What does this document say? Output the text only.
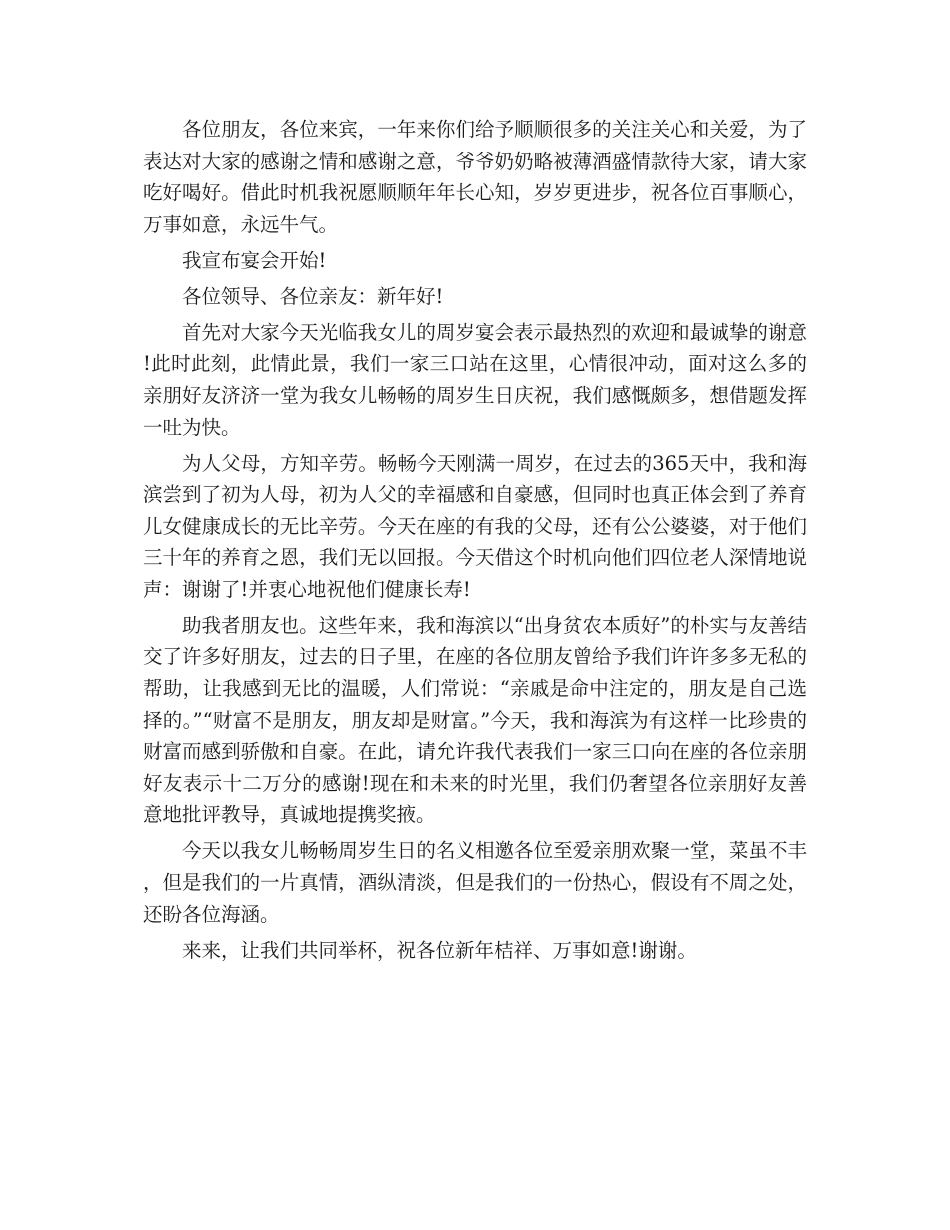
各位朋友，各位来宾，一年来你们给予顺顺很多的关注关心和关爱，为了表达对大家的感谢之情和感谢之意，爷爷奶奶略被薄酒盛情款待大家，请大家吃好喝好。借此时机我祝愿顺顺年年长心知，岁岁更进步，祝各位百事顺心，万事如意，永远牛气。

我宣布宴会开始!

各位领导、各位亲友：新年好!

首先对大家今天光临我女儿的周岁宴会表示最热烈的欢迎和最诚挚的谢意!此时此刻，此情此景，我们一家三口站在这里，心情很冲动，面对这么多的亲朋好友济济一堂为我女儿畅畅的周岁生日庆祝，我们感慨颇多，想借题发挥一吐为快。

为人父母，方知辛劳。畅畅今天刚满一周岁，在过去的365天中，我和海滨尝到了初为人母，初为人父的幸福感和自豪感，但同时也真正体会到了养育儿女健康成长的无比辛劳。今天在座的有我的父母，还有公公婆婆，对于他们三十年的养育之恩，我们无以回报。今天借这个时机向他们四位老人深情地说声：谢谢了!并衷心地祝他们健康长寿!

助我者朋友也。这些年来，我和海滨以“出身贫农本质好”的朴实与友善结交了许多好朋友，过去的日子里，在座的各位朋友曾给予我们许许多多无私的帮助，让我感到无比的温暖，人们常说：“亲戚是命中注定的，朋友是自己选择的。”“财富不是朋友，朋友却是财富。”今天，我和海滨为有这样一比珍贵的财富而感到骄傲和自豪。在此，请允许我代表我们一家三口向在座的各位亲朋好友表示十二万分的感谢!现在和未来的时光里，我们仍奢望各位亲朋好友善意地批评教导，真诚地提携奖掖。

今天以我女儿畅畅周岁生日的名义相邀各位至爱亲朋欢聚一堂，菜虽不丰，但是我们的一片真情，酒纵清淡，但是我们的一份热心，假设有不周之处，还盼各位海涵。

来来，让我们共同举杯，祝各位新年桔祥、万事如意!谢谢。
